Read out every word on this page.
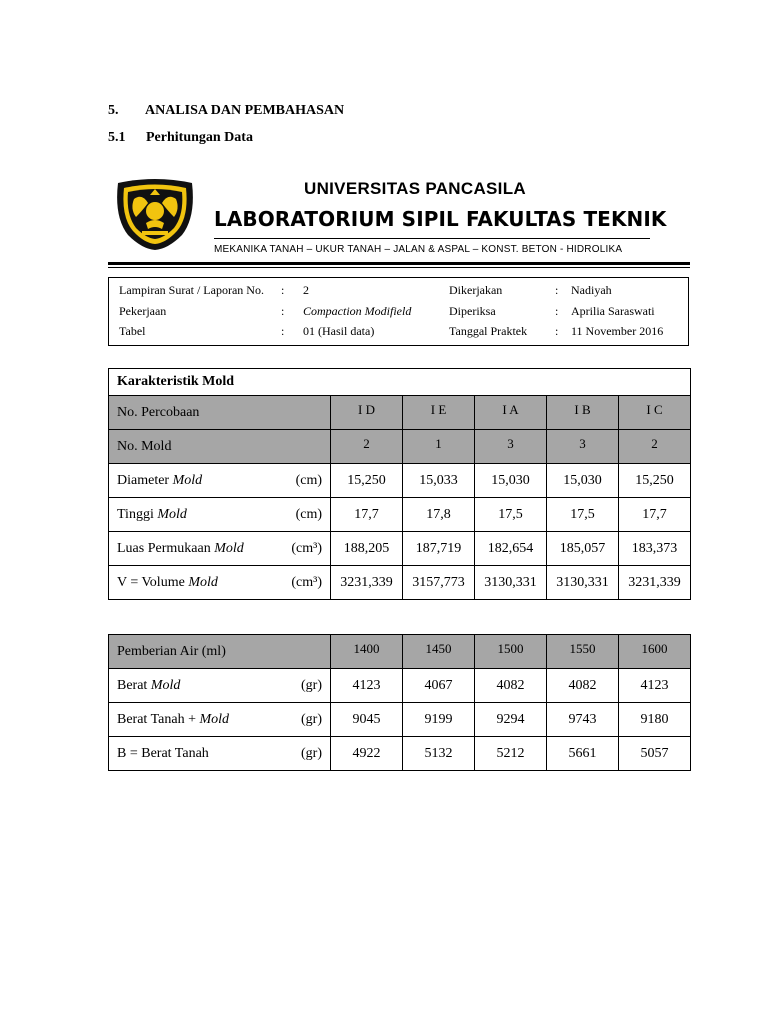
5. ANALISA DAN PEMBAHASAN
5.1 Perhitungan Data
UNIVERSITAS PANCASILA
LABORATORIUM SIPIL FAKULTAS TEKNIK
MEKANIKA TANAH – UKUR TANAH – JALAN & ASPAL – KONST. BETON - HIDROLIKA
Lampiran Surat / Laporan No. : 2	Dikerjakan	: Nadiyah
Pekerjaan	: Compaction Modifield	Diperiksa	: Aprilia Saraswati
Tabel	: 01 (Hasil data)	Tanggal Praktek : 11 November 2016
Karakteristik Mold					
No. Percobaan	I D	I E	I A	I B	I C
No. Mold	2	1	3	3	2
Diameter Mold (cm)	15,250	15,033	15,030	15,030	15,250
Tinggi Mold (cm)	17,7	17,8	17,5	17,5	17,7
Luas Permukaan Mold (cm³)	188,205	187,719	182,654	185,057	183,373
V = Volume Mold (cm³)	3231,339	3157,773	3130,331	3130,331	3231,339
Pemberian Air (ml)	1400	1450	1500	1550	1600
Berat Mold (gr)	4123	4067	4082	4082	4123
Berat Tanah + Mold (gr)	9045	9199	9294	9743	9180
B = Berat Tanah (gr)	4922	5132	5212	5661	5057
